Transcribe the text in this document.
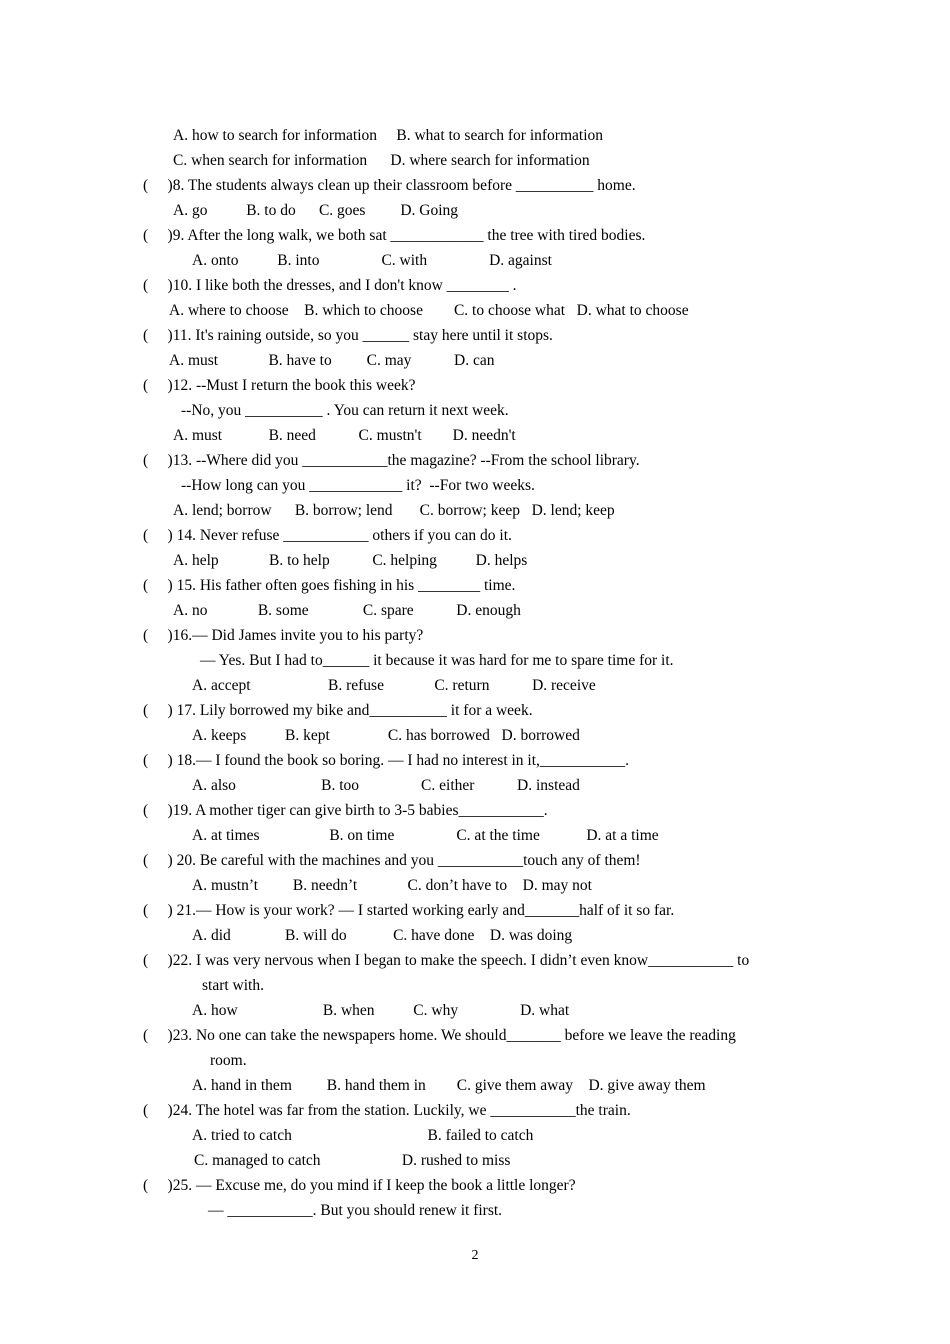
A. how to search for information     B. what to search for information
C. when search for information      D. where search for information
(     )8. The students always clean up their classroom before __________ home.
A. go          B. to do      C. goes         D. Going
(     )9. After the long walk, we both sat ____________ the tree with tired bodies.
A. onto          B. into                C. with                D. against
(     )10. I like both the dresses, and I don't know ________ .
A. where to choose    B. which to choose        C. to choose what   D. what to choose
(     )11. It's raining outside, so you ______ stay here until it stops.
A. must             B. have to         C. may           D. can
(     )12. --Must I return the book this week?
--No, you __________ . You can return it next week.
A. must            B. need           C. mustn't        D. needn't
(     )13. --Where did you ___________the magazine? --From the school library.
--How long can you ____________ it?  --For two weeks.
A. lend; borrow      B. borrow; lend       C. borrow; keep   D. lend; keep
(     ) 14. Never refuse ___________ others if you can do it.
A. help             B. to help           C. helping          D. helps
(     ) 15. His father often goes fishing in his ________ time.
A. no             B. some              C. spare           D. enough
(     )16.— Did James invite you to his party?
— Yes. But I had to______ it because it was hard for me to spare time for it.
A. accept                    B. refuse             C. return           D. receive
(     ) 17. Lily borrowed my bike and__________ it for a week.
A. keeps          B. kept               C. has borrowed   D. borrowed
(     ) 18.— I found the book so boring. — I had no interest in it,___________.
A. also                      B. too                C. either           D. instead
(     )19. A mother tiger can give birth to 3-5 babies___________.
A. at times                  B. on time                C. at the time            D. at a time
(     ) 20. Be careful with the machines and you ___________touch any of them!
A. mustn’t         B. needn’t             C. don’t have to    D. may not
(     ) 21.— How is your work? — I started working early and_______half of it so far.
A. did              B. will do            C. have done    D. was doing
(     )22. I was very nervous when I began to make the speech. I didn’t even know___________ to
start with.
A. how                      B. when          C. why                D. what
(     )23. No one can take the newspapers home. We should_______ before we leave the reading
room.
A. hand in them         B. hand them in        C. give them away    D. give away them
(     )24. The hotel was far from the station. Luckily, we ___________the train.
A. tried to catch                                   B. failed to catch
C. managed to catch                     D. rushed to miss
(     )25. — Excuse me, do you mind if I keep the book a little longer?
— ___________. But you should renew it first.
2
